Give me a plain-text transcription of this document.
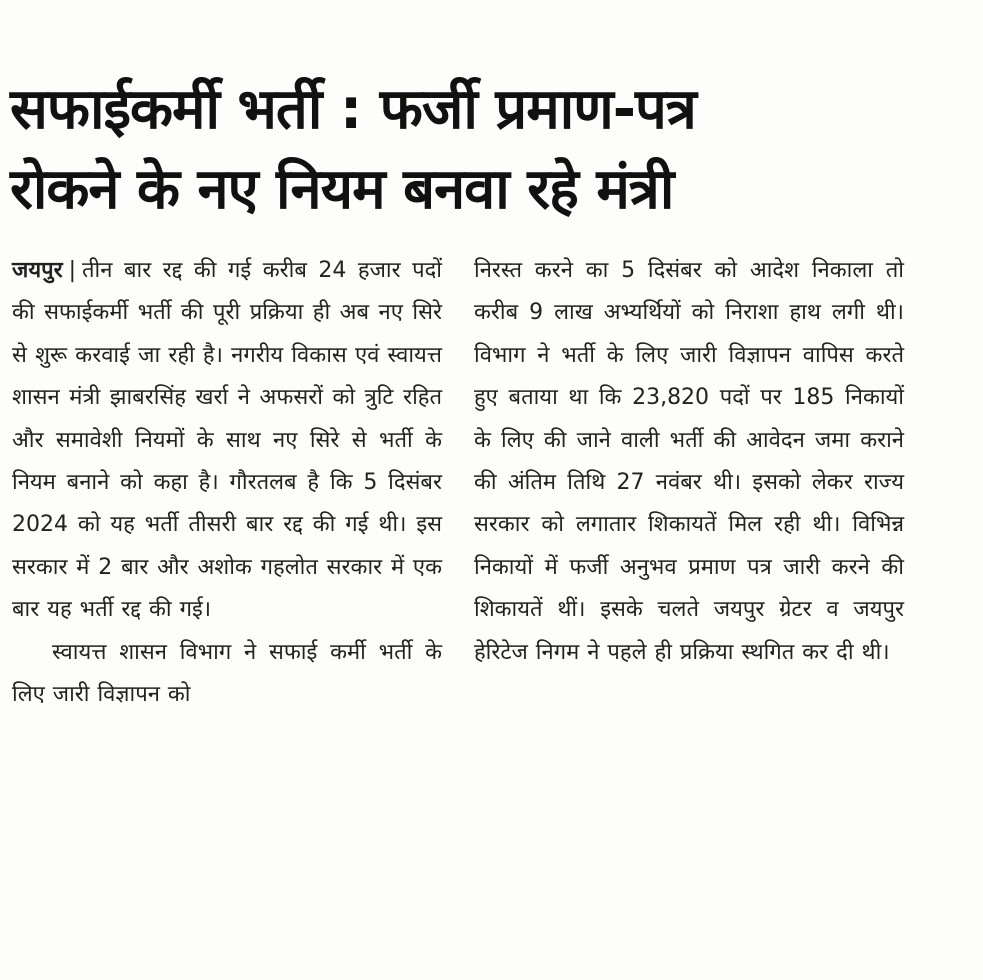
सफाईकर्मी भर्ती : फर्जी प्रमाण-पत्र
रोकने के नए नियम बनवा रहे मंत्री

जयपुर | तीन बार रद्द की गई करीब 24 हजार पदों की सफाईकर्मी भर्ती की पूरी प्रक्रिया ही अब नए सिरे से शुरू करवाई जा रही है। नगरीय विकास एवं स्वायत्त शासन मंत्री झाबरसिंह खर्रा ने अफसरों को त्रुटि रहित और समावेशी नियमों के साथ नए सिरे से भर्ती के नियम बनाने को कहा है। गौरतलब है कि 5 दिसंबर 2024 को यह भर्ती तीसरी बार रद्द की गई थी। इस सरकार में 2 बार और अशोक गहलोत सरकार में एक बार यह भर्ती रद्द की गई।

स्वायत्त शासन विभाग ने सफाई कर्मी भर्ती के लिए जारी विज्ञापन को

निरस्त करने का 5 दिसंबर को आदेश निकाला तो करीब 9 लाख अभ्यर्थियों को निराशा हाथ लगी थी। विभाग ने भर्ती के लिए जारी विज्ञापन वापिस करते हुए बताया था कि 23,820 पदों पर 185 निकायों के लिए की जाने वाली भर्ती की आवेदन जमा कराने की अंतिम तिथि 27 नवंबर थी। इसको लेकर राज्य सरकार को लगातार शिकायतें मिल रही थी। विभिन्न निकायों में फर्जी अनुभव प्रमाण पत्र जारी करने की शिकायतें थीं। इसके चलते जयपुर ग्रेटर व जयपुर हेरिटेज निगम ने पहले ही प्रक्रिया स्थगित कर दी थी।
